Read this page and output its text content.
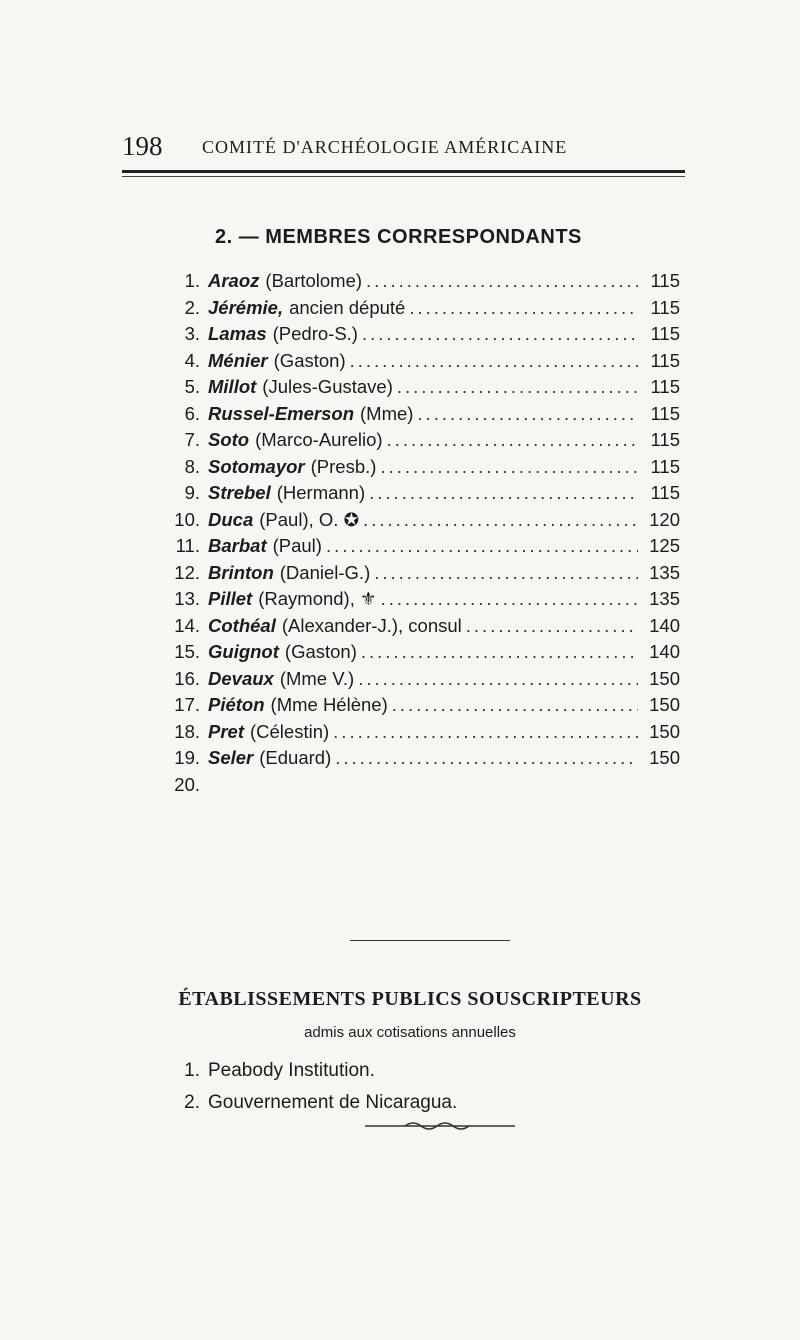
198 COMITÉ D'ARCHÉOLOGIE AMÉRICAINE
2. — MEMBRES CORRESPONDANTS
1. Araoz (Bartolome) .....	115
2. Jérémie, ancien député .....	115
3. Lamas (Pedro-S.) .....	115
4. Ménier (Gaston) .....	115
5. Millot (Jules-Gustave) .....	115
6. Russel-Emerson (Mme) .....	115
7. Soto (Marco-Aurelio) .....	115
8. Sotomayor (Presb.) .....	115
9. Strebel (Hermann) .....	115
10. Duca (Paul), O. ✪ .....	120
11. Barbat (Paul) .....	125
12. Brinton (Daniel-G.) .....	135
13. Pillet (Raymond), ⚜ .....	135
14. Cothéal (Alexander-J.), consul .....	140
15. Guignot (Gaston) .....	140
16. Devaux (Mme V.) .....	150
17. Piéton (Mme Hélène) .....	150
18. Pret (Célestin) .....	150
19. Seler (Eduard) .....	150
20.
ÉTABLISSEMENTS PUBLICS SOUSCRIPTEURS
admis aux cotisations annuelles
1. Peabody Institution.
2. Gouvernement de Nicaragua.
